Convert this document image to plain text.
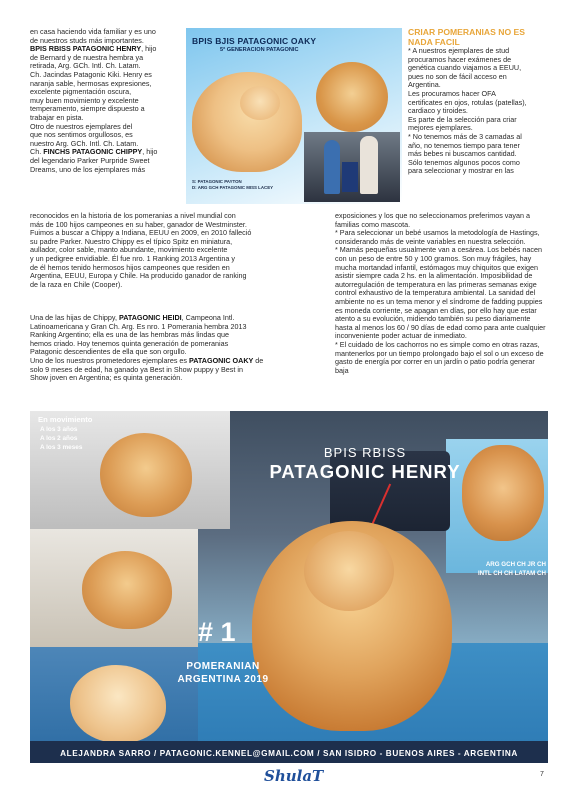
en casa haciendo vida familiar y es uno

de nuestros studs más importantes.

BPIS RBISS PATAGONIC HENRY, hijo

de Bernard y de nuestra hembra ya

retirada, Arg. GCh. Intl. Ch. Latam.

Ch. Jacindas Patagonic Kiki. Henry es

naranja sable, hermosas expresiones,

excelente pigmentación oscura,

muy buen movimiento y excelente

temperamento, siempre dispuesto a

trabajar en pista.

Otro de nuestros ejemplares del

que nos sentimos orgullosos, es

nuestro Arg. GCh. Intl. Ch. Latam.

Ch. FINCHS PATAGONIC CHIPPY, hijo

del legendario Parker Purpride Sweet

Dreams, uno de los ejemplares más

reconocidos en la historia de los pomeranias a nivel mundial con

más de 100 hijos campeones en su haber, ganador de Westminster.

Fuimos a buscar a Chippy a Indiana, EEUU en 2009, en 2010 falleció

su padre Parker. Nuestro Chippy es el típico Spitz en miniatura,

aullador, color sable, manto abundante, movimiento excelente

y un pedigree envidiable. Él fue nro. 1 Ranking 2013 Argentina y

de él hemos tenido hermosos hijos campeones que residen en

Argentina, EEUU, Europa y Chile. Ha producido ganador de ranking

de la raza en Chile (Cooper).

Una de las hijas de Chippy, PATAGONIC HEIDI, Campeona Intl.

Latinoamericana y Gran Ch. Arg. Es nro. 1 Pomerania hembra 2013

Ranking Argentino; ella es una de las hembras más lindas que

hemos criado. Hoy tenemos quinta generación de pomeranias

Patagonic descendientes de ella que son orgullo.

Uno de los nuestros prometedores ejemplares es PATAGONIC OAKY de

solo 9 meses de edad, ha ganado ya Best in Show puppy y Best in

Show joven en Argentina; es quinta generación.

BPIS BJIS PATAGONIC OAKY
5ª GENERACION PATAGONIC
S: PATAGONIC PAYTON
D: ARG GCH PATAGONIC MISS LACEY

CRIAR POMERANIAS NO ES

NADA FACIL

* A nuestros ejemplares de stud

procuramos hacer exámenes de

genética cuando viajamos a EEUU,

pues no son de fácil acceso en

Argentina.

Les procuramos hacer OFA

certificates en ojos, rotulas (patellas),

cardiaco y tiroides.

Es parte de la selección para criar

mejores ejemplares.

* No tenemos más de 3 camadas al

año, no tenemos tiempo para tener

más bebes ni buscamos cantidad.

Sólo tenemos algunos pocos como

para seleccionar y mostrar en las

exposiciones y los que no seleccionamos preferimos vayan a

familias como mascota.

* Para seleccionar un bebé usamos la metodología de Hastings,

considerando más de veinte variables en nuestra selección.

* Mamás pequeñas usualmente van a cesárea. Los bebés nacen

con un peso de entre 50 y 100 gramos. Son muy frágiles, hay

mucha mortandad infantil, estómagos muy chiquitos que exigen

asistir siempre cada 2 hs. en la alimentación. Imposibilidad de

autorregulación de temperatura en las primeras semanas exige

control exhaustivo de la temperatura ambiental. La sanidad del

ambiente no es un tema menor y el síndrome de fadding puppies

es moneda corriente, se apagan en días, por ello hay que estar

atento a su evolución, midiendo también su peso diariamente

hasta al menos los 60 / 90 días de edad como para ante cualquier

inconveniente poder actuar de inmediato.

* El cuidado de los cachorros no es simple como en otras razas,

mantenerlos por un tiempo prolongado bajo el sol o un exceso de

gasto de energía por correr en un jardín o patio podría generar baja

En movimiento
A los 3 años
A los 2 años
A los 3 meses	BPIS RBISS
PATAGONIC HENRY
ARG GCH CH JR CH
INTL CH CH LATAM CH
# 1
POMERANIAN
ARGENTINA 2019
ALEJANDRA SARRO / PATAGONIC.KENNEL@GMAIL.COM / SAN ISIDRO - BUENOS AIRES - ARGENTINA
ShulaT	7
